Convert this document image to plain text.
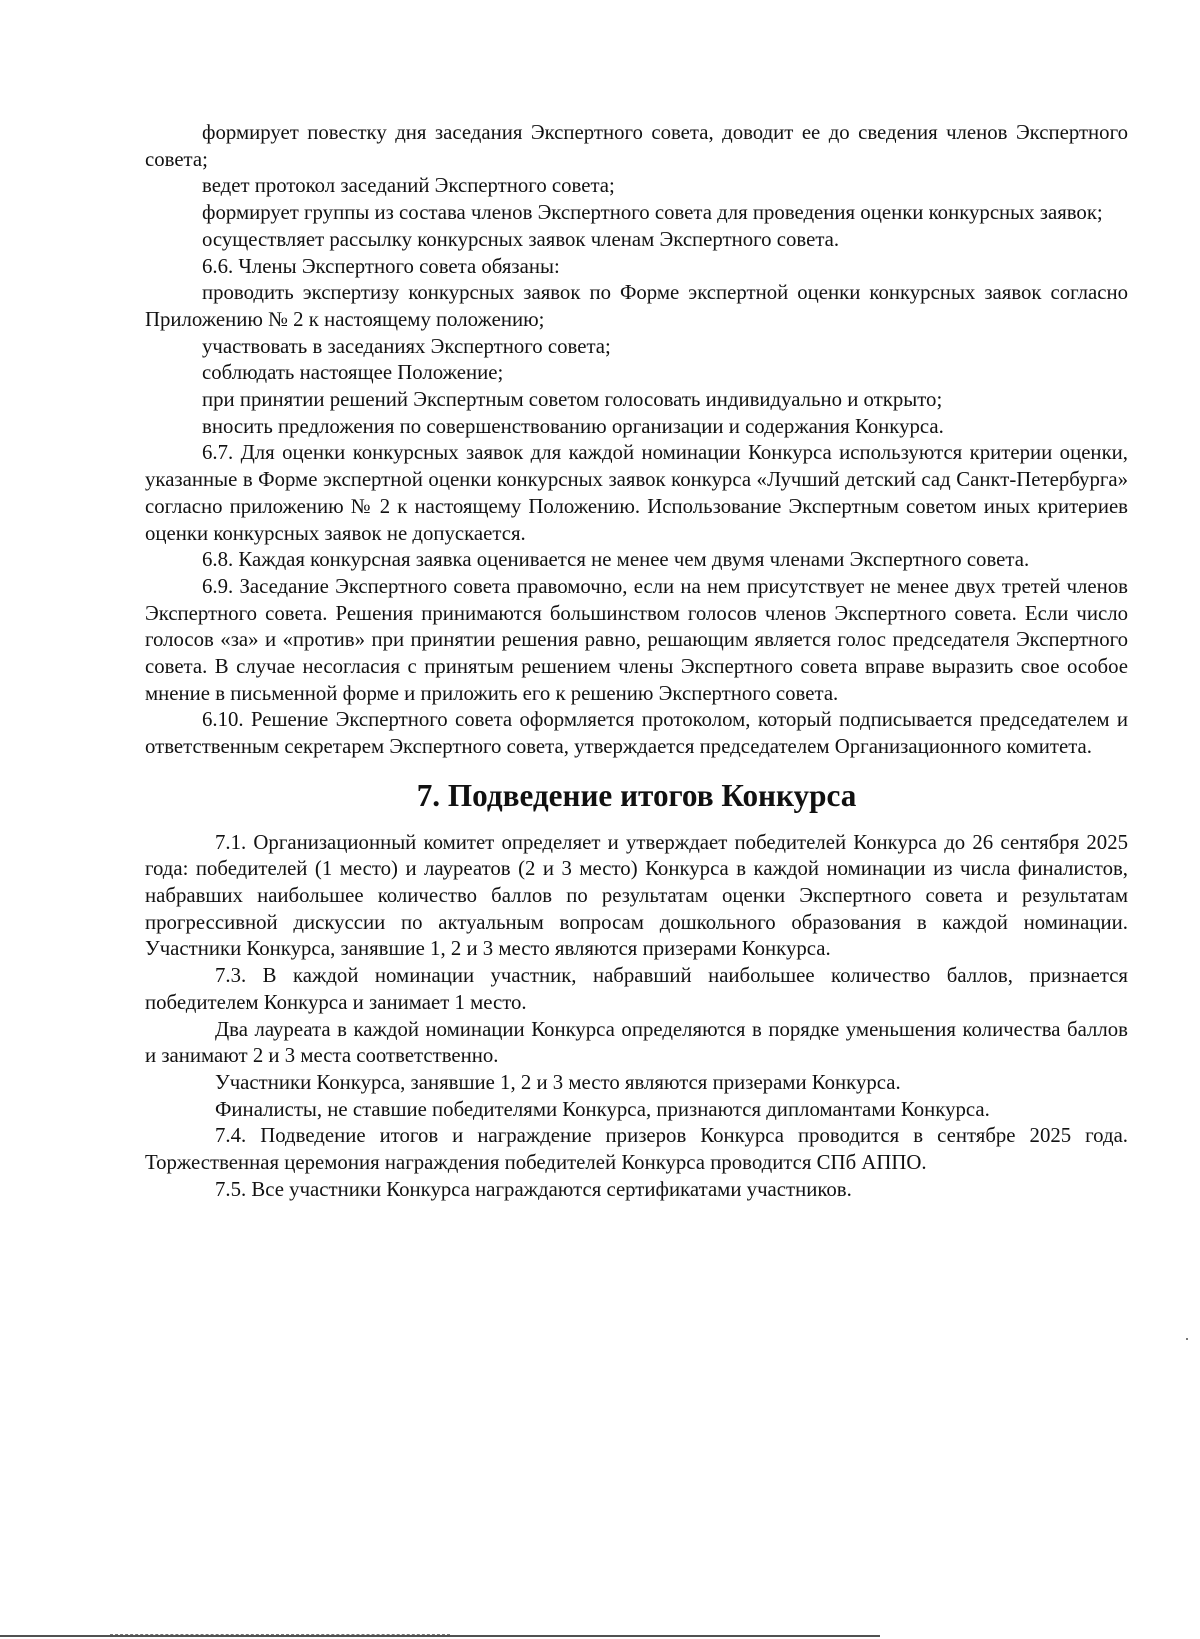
формирует повестку дня заседания Экспертного совета, доводит ее до сведения членов Экспертного совета;

ведет протокол заседаний Экспертного совета;

формирует группы из состава членов Экспертного совета для проведения оценки конкурсных заявок;

осуществляет рассылку конкурсных заявок членам Экспертного совета.

6.6. Члены Экспертного совета обязаны:

проводить экспертизу конкурсных заявок по Форме экспертной оценки конкурсных заявок согласно Приложению № 2 к настоящему положению;

участвовать в заседаниях Экспертного совета;

соблюдать настоящее Положение;

при принятии решений Экспертным советом голосовать индивидуально и открыто;

вносить предложения по совершенствованию организации и содержания Конкурса.

6.7. Для оценки конкурсных заявок для каждой номинации Конкурса используются критерии оценки, указанные в Форме экспертной оценки конкурсных заявок конкурса «Лучший детский сад Санкт-Петербурга» согласно приложению № 2 к настоящему Положению. Использование Экспертным советом иных критериев оценки конкурсных заявок не допускается.

6.8. Каждая конкурсная заявка оценивается не менее чем двумя членами Экспертного совета.

6.9. Заседание Экспертного совета правомочно, если на нем присутствует не менее двух третей членов Экспертного совета. Решения принимаются большинством голосов членов Экспертного совета. Если число голосов «за» и «против» при принятии решения равно, решающим является голос председателя Экспертного совета. В случае несогласия с принятым решением члены Экспертного совета вправе выразить свое особое мнение в письменной форме и приложить его к решению Экспертного совета.

6.10. Решение Экспертного совета оформляется протоколом, который подписывается председателем и ответственным секретарем Экспертного совета, утверждается председателем Организационного комитета.

7. Подведение итогов Конкурса

7.1. Организационный комитет определяет и утверждает победителей Конкурса до 26 сентября 2025 года: победителей (1 место) и лауреатов (2 и 3 место) Конкурса в каждой номинации из числа финалистов, набравших наибольшее количество баллов по результатам оценки Экспертного совета и результатам прогрессивной дискуссии по актуальным вопросам дошкольного образования в каждой номинации. Участники Конкурса, занявшие 1, 2 и 3 место являются призерами Конкурса.

7.3. В каждой номинации участник, набравший наибольшее количество баллов, признается победителем Конкурса и занимает 1 место.

Два лауреата в каждой номинации Конкурса определяются в порядке уменьшения количества баллов и занимают 2 и 3 места соответственно.

Участники Конкурса, занявшие 1, 2 и 3 место являются призерами Конкурса.

Финалисты, не ставшие победителями Конкурса, признаются дипломантами Конкурса.

7.4. Подведение итогов и награждение призеров Конкурса проводится в сентябре 2025 года. Торжественная церемония награждения победителей Конкурса проводится СПб АППО.

7.5. Все участники Конкурса награждаются сертификатами участников.
